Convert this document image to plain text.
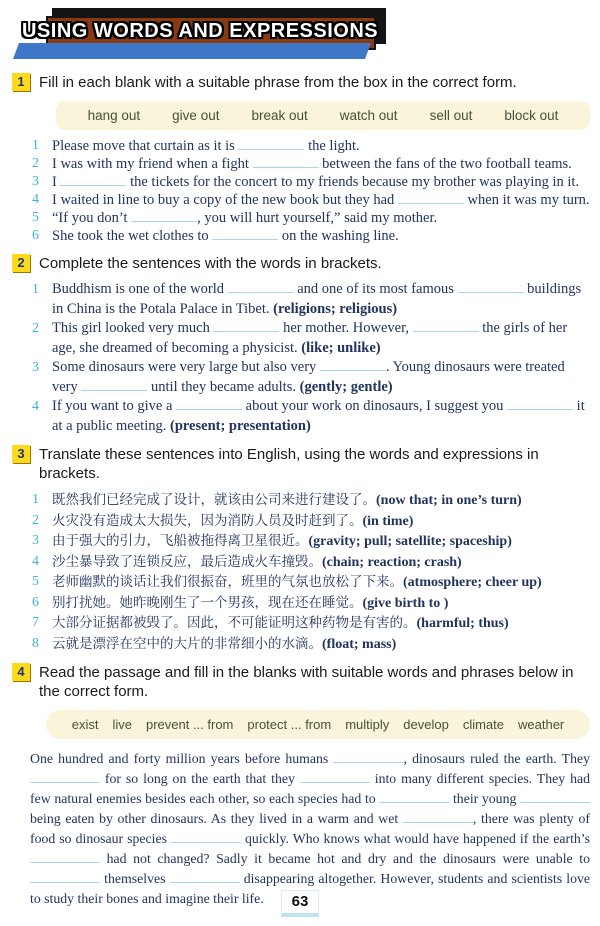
USING WORDS AND EXPRESSIONS
1 Fill in each blank with a suitable phrase from the box in the correct form.
hang out give out break out watch out sell out block out
1 Please move that curtain as it is	the light.
2 I was with my friend when a fight	between the fans of the two football teams.
3 I	the tickets for the concert to my friends because my brother was playing in it.
4 I waited in line to buy a copy of the new book but they had	when it was my turn.
5 “If you don’t	, you will hurt yourself,” said my mother.
6 She took the wet clothes to	on the washing line.
2 Complete the sentences with the words in brackets.
1 Buddhism is one of the world	and one of its most famous	buildings in China is the Potala Palace in Tibet. (religions; religious)
2 This girl looked very much	her mother. However,	the girls of her age, she dreamed of becoming a physicist. (like; unlike)
3 Some dinosaurs were very large but also very	. Young dinosaurs were treated very	until they became adults. (gently; gentle)
4 If you want to give a	about your work on dinosaurs, I suggest you	it at a public meeting. (present; presentation)
3 Translate these sentences into English, using the words and expressions in brackets.
1 既然我们已经完成了设计，就该由公司来进行建设了。(now that; in one’s turn)
2 火灾没有造成太大损失，因为消防人员及时赶到了。(in time)
3 由于强大的引力，飞船被拖得离卫星很近。(gravity; pull; satellite; spaceship)
4 沙尘暴导致了连锁反应，最后造成火车撞毁。(chain; reaction; crash)
5 老师幽默的谈话让我们很振奋，班里的气氛也放松了下来。(atmosphere; cheer up)
6 别打扰她。她昨晚刚生了一个男孩，现在还在睡觉。(give birth to )
7 大部分证据都被毁了。因此，不可能证明这种药物是有害的。(harmful; thus)
8 云就是漂浮在空中的大片的非常细小的水滴。(float; mass)
4 Read the passage and fill in the blanks with suitable words and phrases below in the correct form.
exist live prevent ... from protect ... from multiply develop climate weather

One hundred and forty million years before humans	, dinosaurs ruled the earth. They  for so long on the earth that they	into many different species. They had few natural enemies besides each other, so each species had to	their young  being eaten by other dinosaurs. As they lived in a warm and wet	, there was plenty of food so dinosaur species	quickly. Who knows what would have happened if the earth’s  had not changed? Sadly it became hot and dry and the dinosaurs were unable to  themselves	disappearing altogether. However, students and scientists love to study their bones and imagine their life.	63
